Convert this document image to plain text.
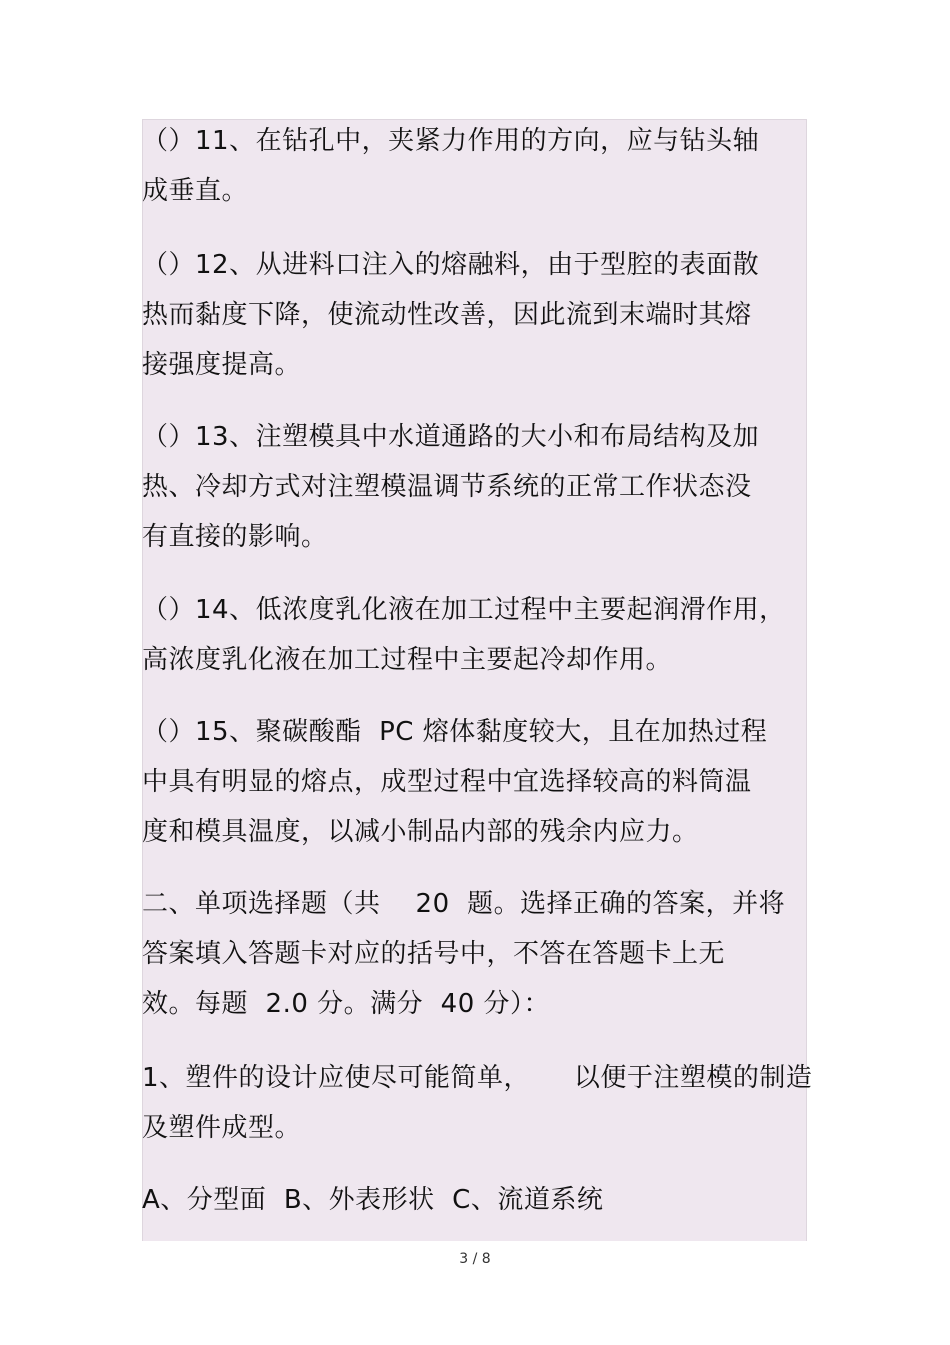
（）11、在钻孔中，夹紧力作用的方向，应与钻头轴
成垂直。
（）12、从进料口注入的熔融料，由于型腔的表面散
热而黏度下降，使流动性改善，因此流到末端时其熔
接强度提高。
（）13、注塑模具中水道通路的大小和布局结构及加
热、冷却方式对注塑模温调节系统的正常工作状态没
有直接的影响。
（）14、低浓度乳化液在加工过程中主要起润滑作用，
高浓度乳化液在加工过程中主要起冷却作用。
（）15、聚碳酸酯  PC 熔体黏度较大，且在加热过程
中具有明显的熔点，成型过程中宜选择较高的料筒温
度和模具温度，以减小制品内部的残余内应力。
二、单项选择题（共    20  题。选择正确的答案，并将
答案填入答题卡对应的括号中，不答在答题卡上无
效。每题  2.0 分。满分  40 分）：
1、塑件的设计应使尽可能简单，     以便于注塑模的制造
及塑件成型。
A、分型面  B、外表形状  C、流道系统
3 / 8
